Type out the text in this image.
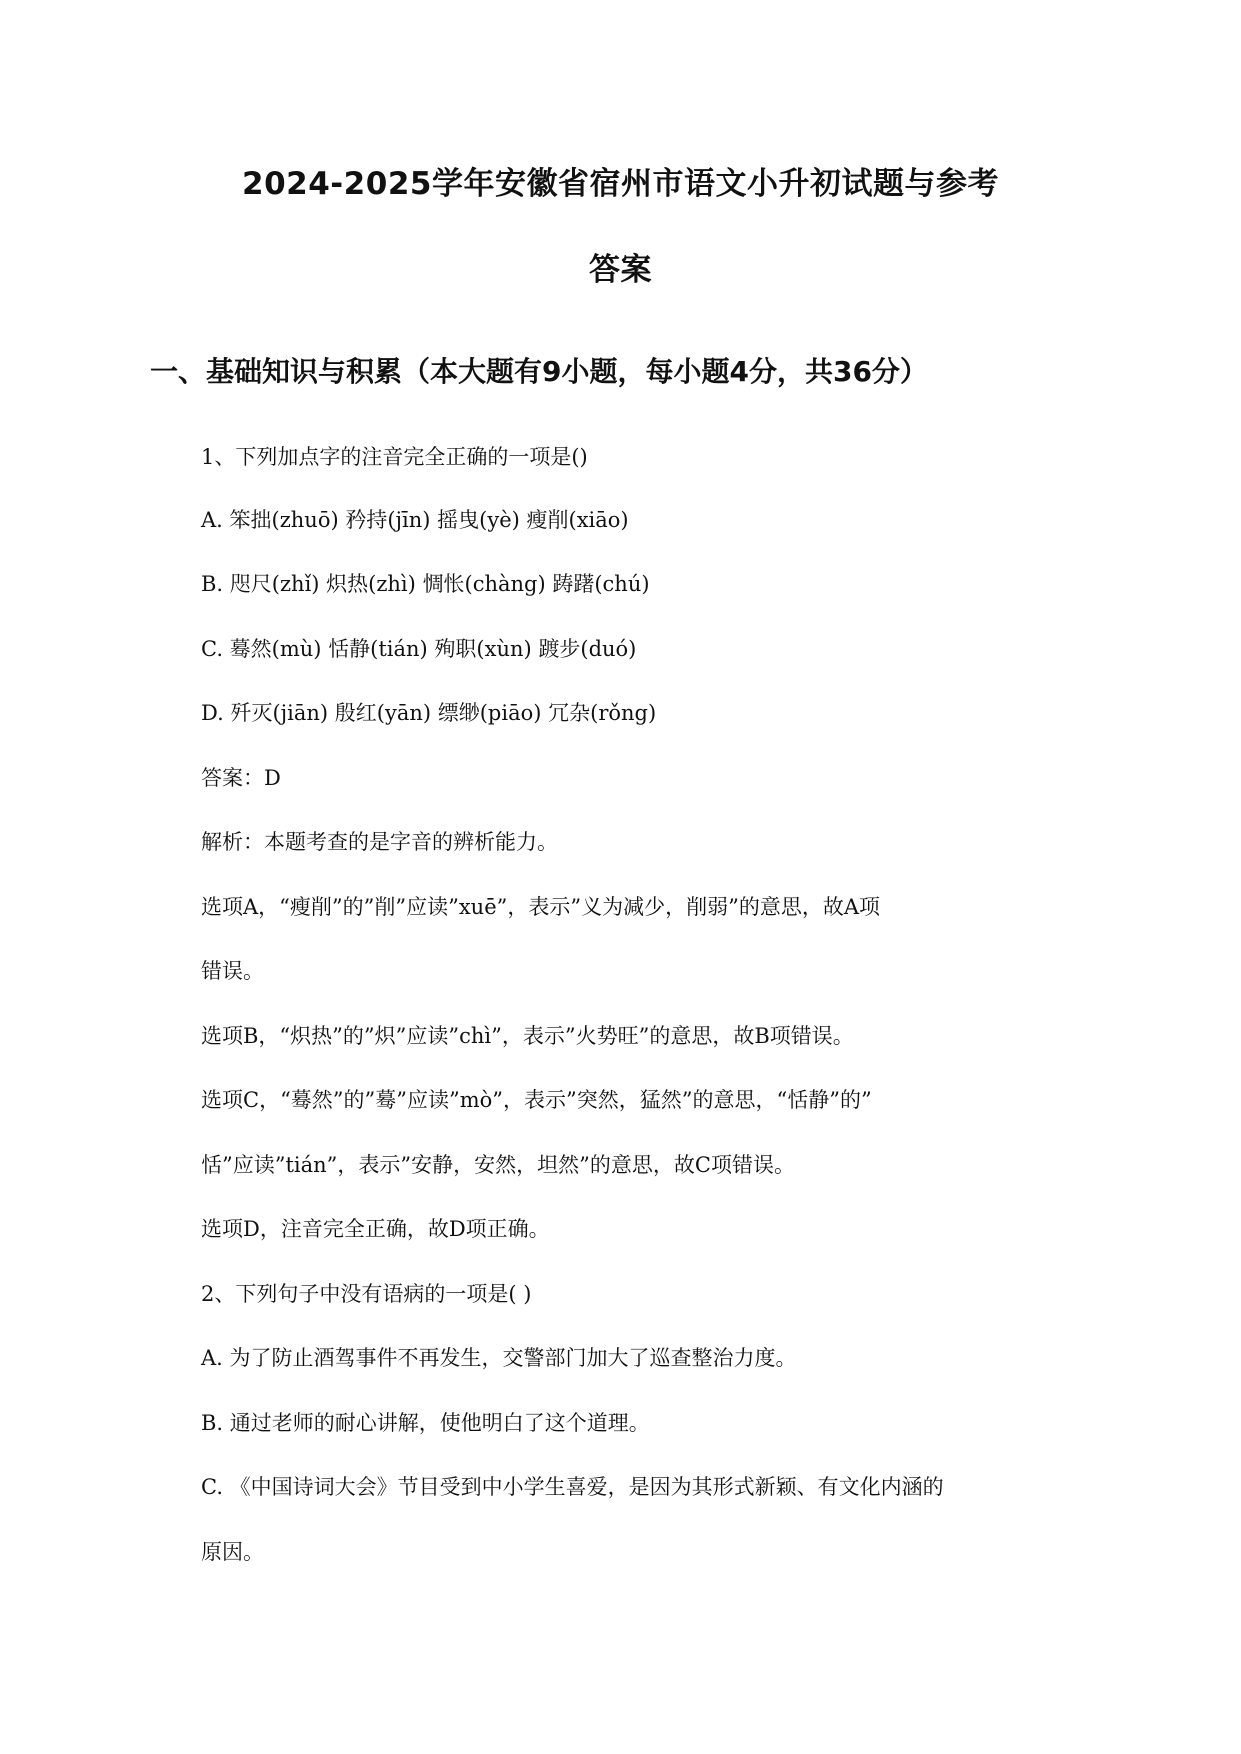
2024-2025学年安徽省宿州市语文小升初试题与参考
答案
一、基础知识与积累（本大题有9小题，每小题4分，共36分）
1、下列加点字的注音完全正确的一项是()
A. 笨拙(zhuō) 矜持(jīn) 摇曳(yè) 瘦削(xiāo)
B. 咫尺(zhǐ) 炽热(zhì) 惆怅(chàng) 踌躇(chú)
C. 蓦然(mù) 恬静(tián) 殉职(xùn) 踱步(duó)
D. 歼灭(jiān) 殷红(yān) 缥缈(piāo) 冗杂(rǒng)
答案：D
解析：本题考查的是字音的辨析能力。
选项A，“瘦削”的”削”应读”xuē”，表示”义为减少，削弱”的意思，故A项
错误。
选项B，“炽热”的”炽”应读”chì”，表示”火势旺”的意思，故B项错误。
选项C，“蓦然”的”蓦”应读”mò”，表示”突然，猛然”的意思，“恬静”的”
恬”应读”tián”，表示”安静，安然，坦然”的意思，故C项错误。
选项D，注音完全正确，故D项正确。
2、下列句子中没有语病的一项是( )
A. 为了防止酒驾事件不再发生，交警部门加大了巡查整治力度。
B. 通过老师的耐心讲解，使他明白了这个道理。
C. 《中国诗词大会》节目受到中小学生喜爱，是因为其形式新颖、有文化内涵的
原因。
